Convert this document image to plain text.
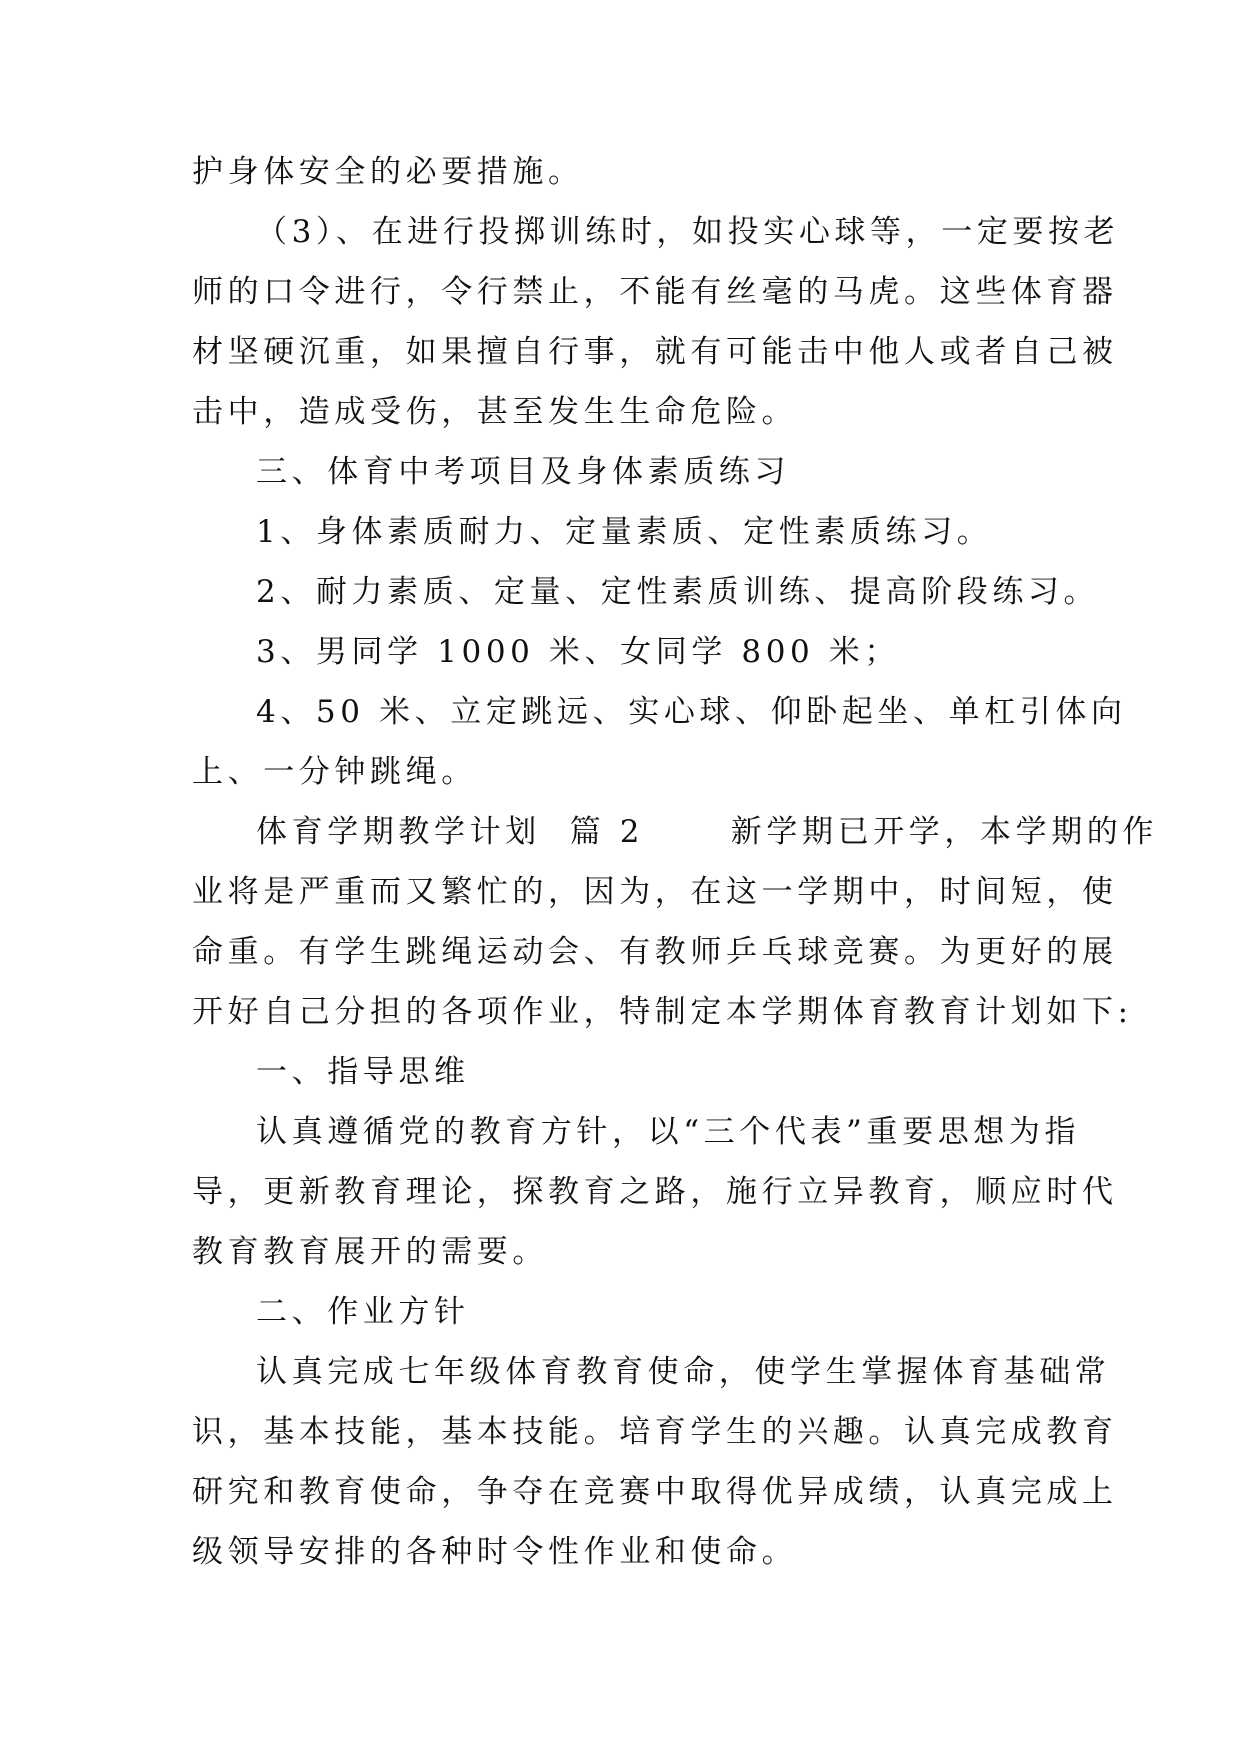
护身体安全的必要措施。
（3）、在进行投掷训练时，如投实心球等，一定要按老
师的口令进行，令行禁止，不能有丝毫的马虎。这些体育器
材坚硬沉重，如果擅自行事，就有可能击中他人或者自己被
击中，造成受伤，甚至发生生命危险。
三、体育中考项目及身体素质练习
1、身体素质耐力、定量素质、定性素质练习。
2、耐力素质、定量、定性素质训练、提高阶段练习。
3、男同学 1000 米、女同学 800 米；
4、50 米、立定跳远、实心球、仰卧起坐、单杠引体向
上、一分钟跳绳。
体育学期教学计划  篇 2      新学期已开学，本学期的作
业将是严重而又繁忙的，因为，在这一学期中，时间短，使
命重。有学生跳绳运动会、有教师乒乓球竞赛。为更好的展
开好自己分担的各项作业，特制定本学期体育教育计划如下:
一、指导思维
认真遵循党的教育方针，以“三个代表”重要思想为指
导，更新教育理论，探教育之路，施行立异教育，顺应时代
教育教育展开的需要。
二、作业方针
认真完成七年级体育教育使命，使学生掌握体育基础常
识，基本技能，基本技能。培育学生的兴趣。认真完成教育
研究和教育使命，争夺在竞赛中取得优异成绩，认真完成上
级领导安排的各种时令性作业和使命。
